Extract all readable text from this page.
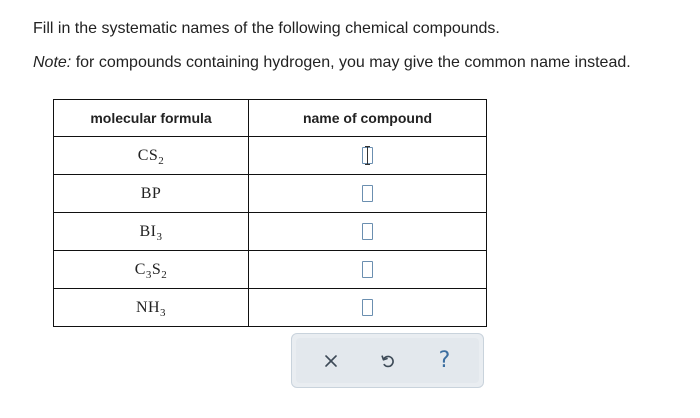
Fill in the systematic names of the following chemical compounds.
Note: for compounds containing hydrogen, you may give the common name instead.
molecular formula	name of compound
$CS_2$	

BP	
$BI_3$	
$C_3S_2$	
$NH_3$	
?
